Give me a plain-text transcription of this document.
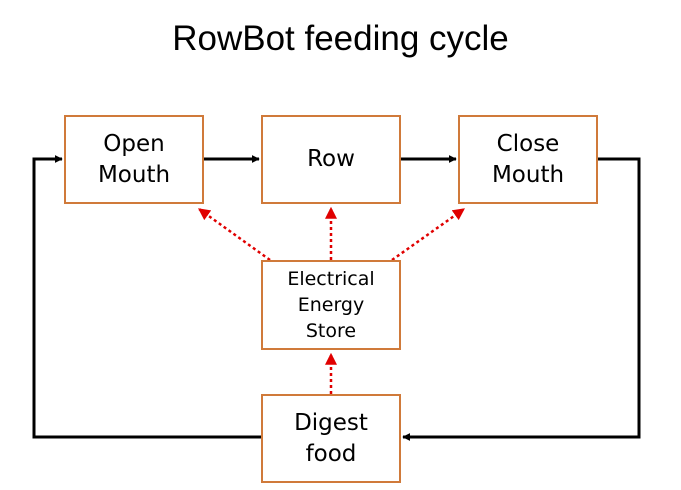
RowBot feeding cycle
Open
Mouth
Row
Close
Mouth
Electrical
Energy
Store
Digest
food
